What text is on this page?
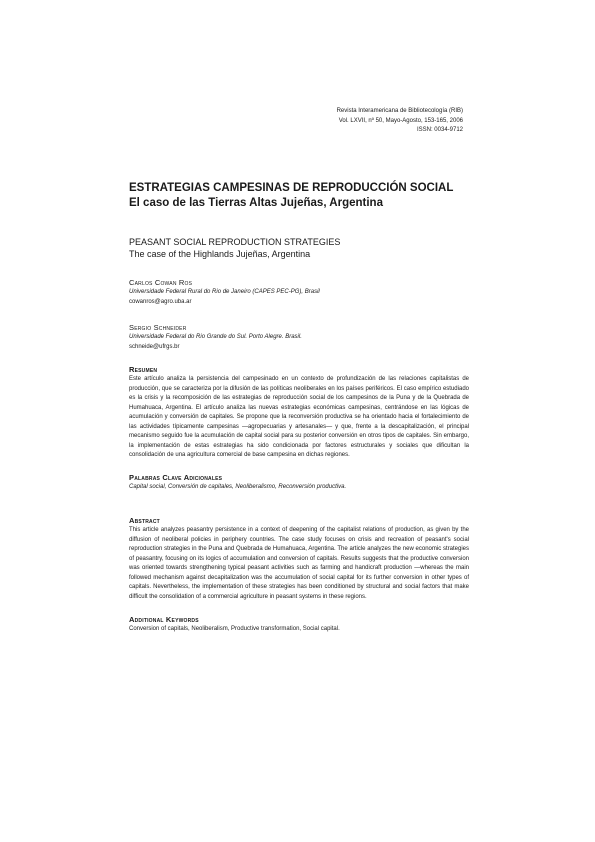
Revista Interamericana de Bibliotecología (RIB)
Vol. LXVII, nº 50, Mayo-Agosto, 153-165, 2006
ISSN: 0034-9712

ESTRATEGIAS CAMPESINAS DE REPRODUCCIÓN SOCIAL

El caso de las Tierras Altas Jujeñas, Argentina

PEASANT SOCIAL REPRODUCTION STRATEGIES

The case of the Highlands Jujeñas, Argentina

Carlos Cowan Ros
Universidade Federal Rural do Rio de Janeiro (CAPES PEC-PG), Brasil
cowanros@agro.uba.ar
Sergio Schneider
Universidade Federal do Rio Grande do Sul. Porto Alegre. Brasil.
schneide@ufrgs.br

Resumen

Este artículo analiza la persistencia del campesinado en un contexto de profundización de las relaciones capitalistas de producción, que se caracteriza por la difusión de las políticas neoliberales en los países periféricos. El caso empírico estudiado es la crisis y la recomposición de las estrategias de reproducción social de los campesinos de la Puna y de la Quebrada de Humahuaca, Argentina. El artículo analiza las nuevas estrategias económicas campesinas, centrándose en las lógicas de acumulación y conversión de capitales. Se propone que la reconversión productiva se ha orientado hacia el fortalecimiento de las actividades típicamente campesinas —agropecuarias y artesanales— y que, frente a la descapitalización, el principal mecanismo seguido fue la acumulación de capital social para su posterior conversión en otros tipos de capitales. Sin embargo, la implementación de estas estrategias ha sido condicionada por factores estructurales y sociales que dificultan la consolidación de una agricultura comercial de base campesina en dichas regiones.

Palabras Clave Adicionales

Capital social, Conversión de capitales, Neoliberalismo, Reconversión productiva.

Abstract

This article analyzes peasantry persistence in a context of deepening of the capitalist relations of production, as given by the diffusion of neoliberal policies in periphery countries. The case study focuses on crisis and recreation of peasant's social reproduction strategies in the Puna and Quebrada de Humahuaca, Argentina. The article analyzes the new economic strategies of peasantry, focusing on its logics of accumulation and conversion of capitals. Results suggests that the productive conversion was oriented towards strengthening typical peasant activities such as farming and handicraft production —whereas the main followed mechanism against decapitalization was the accumulation of social capital for its further conversion in other types of capitals. Nevertheless, the implementation of these strategies has been conditioned by structural and social factors that make difficult the consolidation of a commercial agriculture in peasant systems in these regions.

Additional Keywords

Conversion of capitals, Neoliberalism, Productive transformation, Social capital.
